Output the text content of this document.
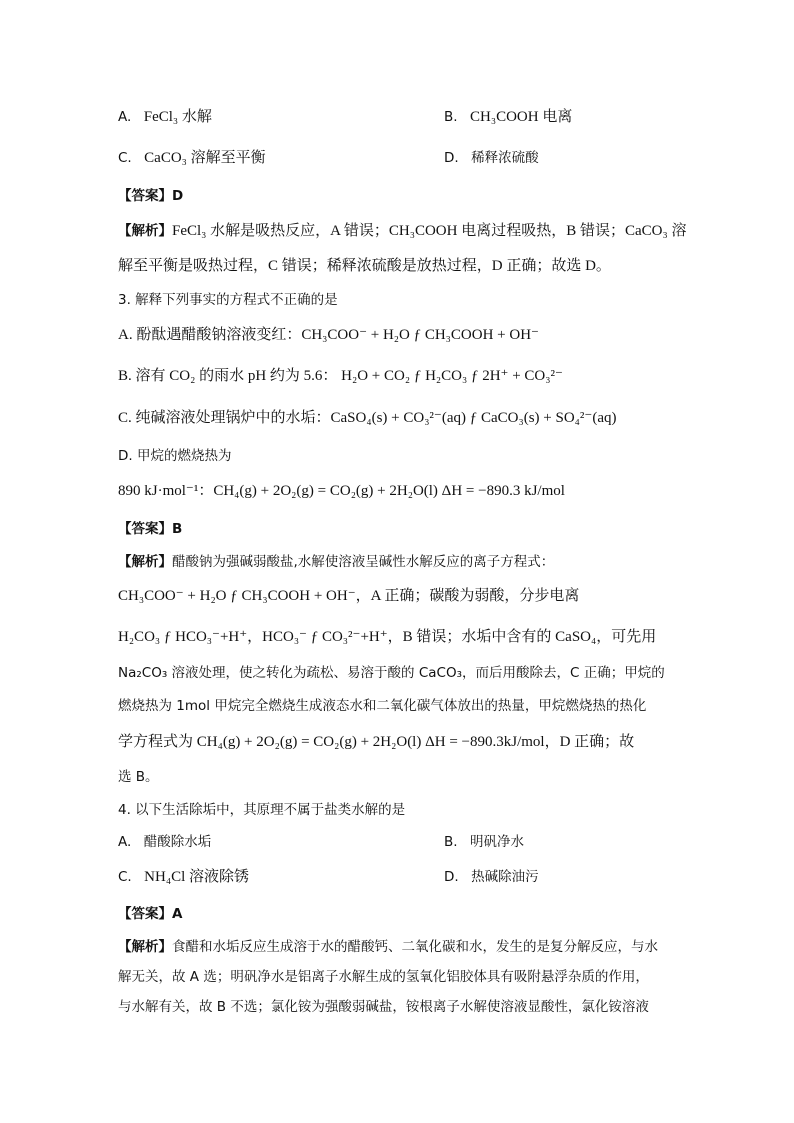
A. FeCl₃ 水解	B. CH₃COOH 电离
C. CaCO₃ 溶解至平衡	D. 稀释浓硫酸
【答案】D
【解析】FeCl₃ 水解是吸热反应，A 错误；CH₃COOH 电离过程吸热，B 错误；CaCO₃ 溶
解至平衡是吸热过程，C 错误；稀释浓硫酸是放热过程，D 正确；故选 D。
3. 解释下列事实的方程式不正确的是
A. 酚酞遇醋酸钠溶液变红：CH₃COO⁻ + H₂O ƒ CH₃COOH + OH⁻
B. 溶有 CO₂ 的雨水 pH 约为 5.6： H₂O + CO₂ ƒ H₂CO₃ ƒ 2H⁺ + CO₃²⁻
C. 纯碱溶液处理锅炉中的水垢：CaSO₄(s) + CO₃²⁻(aq) ƒ CaCO₃(s) + SO₄²⁻(aq)
D. 甲烷的燃烧热为
890 kJ·mol⁻¹：CH₄(g) + 2O₂(g) = CO₂(g) + 2H₂O(l) ΔH = −890.3 kJ/mol
【答案】B
【解析】醋酸钠为强碱弱酸盐,水解使溶液呈碱性水解反应的离子方程式：
CH₃COO⁻ + H₂O ƒ CH₃COOH + OH⁻，A 正确；碳酸为弱酸，分步电离
H₂CO₃ ƒ HCO₃⁻+H⁺，HCO₃⁻ ƒ CO₃²⁻+H⁺，B 错误；水垢中含有的 CaSO₄，可先用
Na₂CO₃ 溶液处理，使之转化为疏松、易溶于酸的 CaCO₃，而后用酸除去，C 正确；甲烷的
燃烧热为 1mol 甲烷完全燃烧生成液态水和二氧化碳气体放出的热量，甲烷燃烧热的热化
学方程式为 CH₄(g) + 2O₂(g) = CO₂(g) + 2H₂O(l) ΔH = −890.3kJ/mol，D 正确；故
选 B。
4. 以下生活除垢中，其原理不属于盐类水解的是
A. 醋酸除水垢	B. 明矾净水
C. NH₄Cl 溶液除锈	D. 热碱除油污
【答案】A
【解析】食醋和水垢反应生成溶于水的醋酸钙、二氧化碳和水，发生的是复分解反应，与水
解无关，故 A 选；明矾净水是铝离子水解生成的氢氧化铝胶体具有吸附悬浮杂质的作用，
与水解有关，故 B 不选；氯化铵为强酸弱碱盐，铵根离子水解使溶液显酸性，氯化铵溶液
